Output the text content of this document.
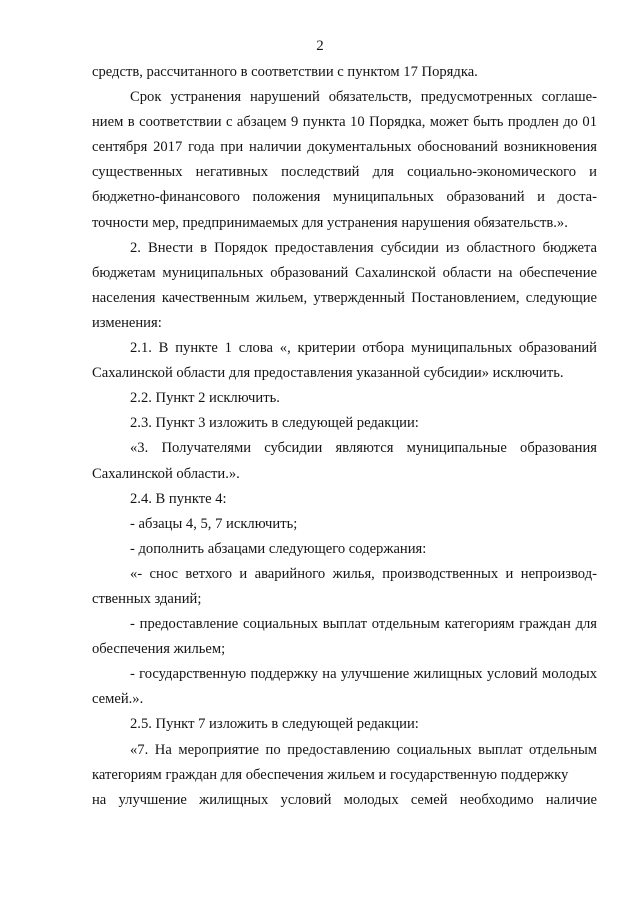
2

средств, рассчитанного в соответствии с пунктом 17 Порядка.

Срок устранения нарушений обязательств, предусмотренных соглашением в соответствии с абзацем 9 пункта 10 Порядка, может быть продлен до 01 сентября 2017 года при наличии документальных обоснований возникновения существенных негативных последствий для социально-экономического и бюджетно-финансового положения муниципальных образований и достаточности мер, предпринимаемых для устранения нарушения обязательств.».

2. Внести в Порядок предоставления субсидии из областного бюджета бюджетам муниципальных образований Сахалинской области на обеспечение населения качественным жильем, утвержденный Постановлением, следующие изменения:

2.1. В пункте 1 слова «, критерии отбора муниципальных образований Сахалинской области для предоставления указанной субсидии» исключить.

2.2. Пункт 2 исключить.

2.3. Пункт 3 изложить в следующей редакции:

«3. Получателями субсидии являются муниципальные образования Сахалинской области.».

2.4. В пункте 4:

- абзацы 4, 5, 7 исключить;

- дополнить абзацами следующего содержания:

«- снос ветхого и аварийного жилья, производственных и непроизводственных зданий;

- предоставление социальных выплат отдельным категориям граждан для обеспечения жильем;

- государственную поддержку на улучшение жилищных условий молодых семей.».

2.5. Пункт 7 изложить в следующей редакции:

«7. На мероприятие по предоставлению социальных выплат отдельным категориям граждан для обеспечения жильем и государственную поддержку

на улучшение жилищных условий молодых семей необходимо наличие
